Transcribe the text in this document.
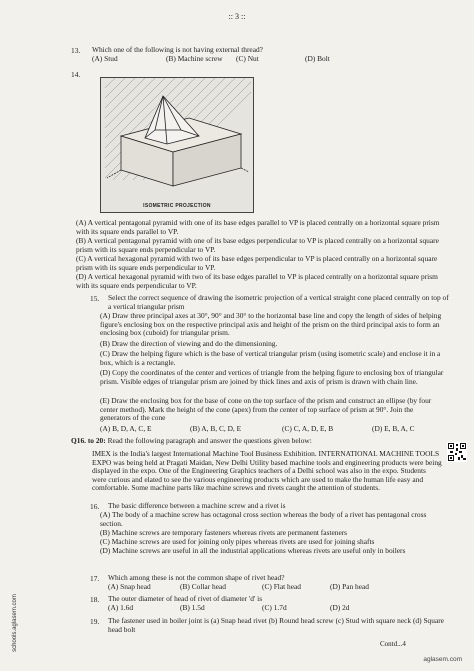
:: 3 ::
13. Which one of the following is not having external thread?
(A) Stud	(B) Machine screw (C) Nut	(D) Bolt
14.
ISOMETRIC PROJECTION
(A) A vertical pentagonal pyramid with one of its base edges parallel to VP is placed centrally on a horizontal square prism with its square ends parallel to VP.
(B) A vertical pentagonal pyramid with one of its base edges perpendicular to VP is placed centrally on a horizontal square prism with its square ends perpendicular to VP.
(C) A vertical hexagonal pyramid with two of its base edges perpendicular to VP is placed centrally on a horizontal square prism with its square ends perpendicular to VP.
(D) A vertical hexagonal pyramid with two of its base edges parallel to VP is placed centrally on a horizontal square prism with its square ends perpendicular to VP.
15. Select the correct sequence of drawing the isometric projection of a vertical straight cone placed centrally on top of a vertical triangular prism
(A) Draw three principal axes at 30°, 90° and 30° to the horizontal base line and copy the length of sides of helping figure's enclosing box on the respective principal axis and height of the prism on the third principal axis to form an enclosing box (cuboid) for triangular prism.
(B) Draw the direction of viewing and do the dimensioning.
(C) Draw the helping figure which is the base of vertical triangular prism (using isometric scale) and enclose it in a box, which is a rectangle.
(D) Copy the coordinates of the center and vertices of triangle from the helping figure to enclosing box of triangular prism. Visible edges of triangular prism are joined by thick lines and axis of prism is drawn with chain line.
(E) Draw the enclosing box for the base of cone on the top surface of the prism and construct an ellipse (by four center method). Mark the height of the cone (apex) from the center of top surface of prism at 90°. Join the generators of the cone
(A) B, D, A, C, E	(B) A, B, C, D, E	(C) C, A, D, E, B	(D) E, B, A, C
Q16. to 20: Read the following paragraph and answer the questions given below:
IMEX is the India's largest International Machine Tool Business Exhibition. INTERNATIONAL MACHINE TOOLS EXPO was being held at Pragati Maidan, New Delhi Utility based machine tools and engineering products were being displayed in the expo. One of the Engineering Graphics teachers of a Delhi school was also in the expo. Students were curious and elated to see the various engineering products which are used to make the human life easy and comfortable. Some machine parts like machine screws and rivets caught the attention of students.
16. The basic difference between a machine screw and a rivet is
(A) The body of a machine screw has octagonal cross section whereas the body of a rivet has pentagonal cross section.
(B) Machine screws are temporary fasteners whereas rivets are permanent fasteners
(C) Machine screws are used for joining only pipes whereas rivets are used for joining shafts
(D) Machine screws are useful in all the industrial applications whereas rivets are useful only in boilers
17. Which among these is not the common shape of rivet head?
(A) Snap head	(B) Collar head	(C) Flat head	(D) Pan head
18. The outer diameter of head of rivet of diameter 'd' is
(A) 1.6d	(B) 1.5d	(C) 1.7d	(D) 2d
19. The fastener used in boiler joint is (a) Snap head rivet (b) Round head screw (c) Stud with square neck (d) Square head bolt
Contd...4
aglasem.com
schools.aglasem.com
